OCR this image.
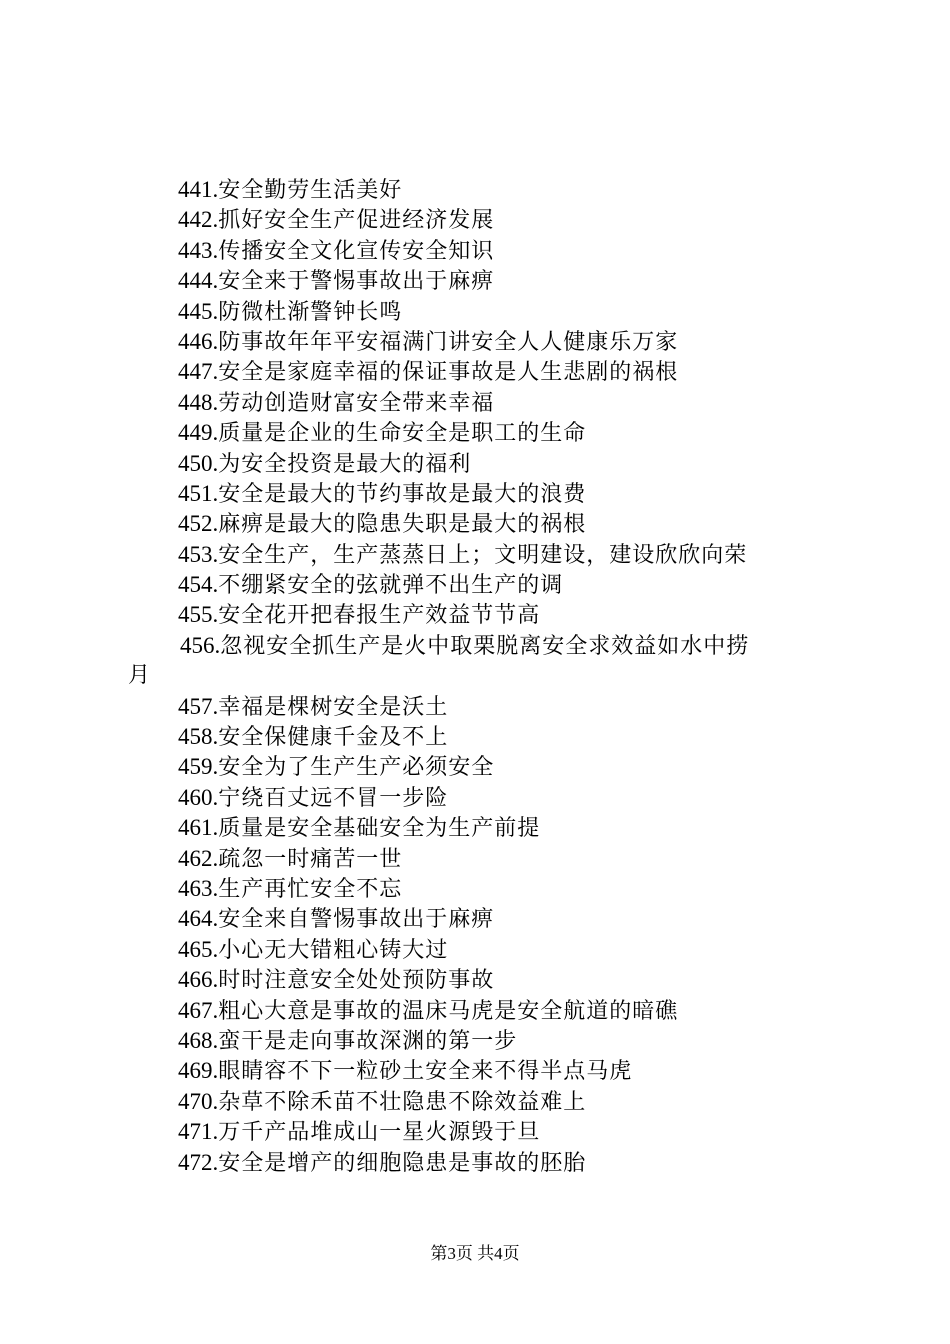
441.安全勤劳生活美好
442.抓好安全生产促进经济发展
443.传播安全文化宣传安全知识
444.安全来于警惕事故出于麻痹
445.防微杜渐警钟长鸣
446.防事故年年平安福满门讲安全人人健康乐万家
447.安全是家庭幸福的保证事故是人生悲剧的祸根
448.劳动创造财富安全带来幸福
449.质量是企业的生命安全是职工的生命
450.为安全投资是最大的福利
451.安全是最大的节约事故是最大的浪费
452.麻痹是最大的隐患失职是最大的祸根
453.安全生产，生产蒸蒸日上；文明建设，建设欣欣向荣
454.不绷紧安全的弦就弹不出生产的调
455.安全花开把春报生产效益节节高
456.忽视安全抓生产是火中取栗脱离安全求效益如水中捞
月
457.幸福是棵树安全是沃土
458.安全保健康千金及不上
459.安全为了生产生产必须安全
460.宁绕百丈远不冒一步险
461.质量是安全基础安全为生产前提
462.疏忽一时痛苦一世
463.生产再忙安全不忘
464.安全来自警惕事故出于麻痹
465.小心无大错粗心铸大过
466.时时注意安全处处预防事故
467.粗心大意是事故的温床马虎是安全航道的暗礁
468.蛮干是走向事故深渊的第一步
469.眼睛容不下一粒砂土安全来不得半点马虎
470.杂草不除禾苗不壮隐患不除效益难上
471.万千产品堆成山一星火源毁于旦
472.安全是增产的细胞隐患是事故的胚胎
第3页 共4页
